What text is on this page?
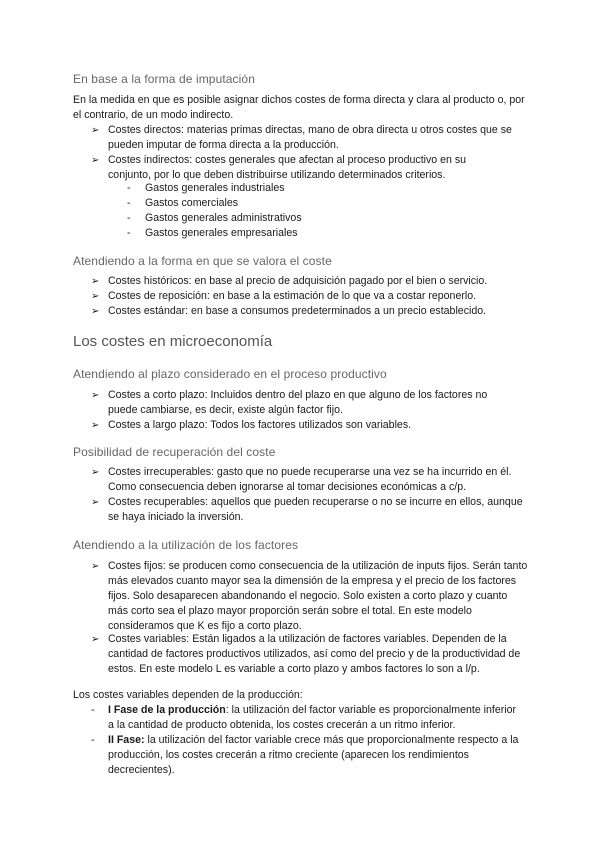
En base a la forma de imputación

En la medida en que es posible asignar dichos costes de forma directa y clara al producto o, por el contrario, de un modo indirecto.

➢ Costes directos: materias primas directas, mano de obra directa u otros costes que se pueden imputar de forma directa a la producción.

➢ Costes indirectos: costes generales que afectan al proceso productivo en su conjunto, por lo que deben distribuirse utilizando determinados criterios.

- Gastos generales industriales

- Gastos comerciales

- Gastos generales administrativos

- Gastos generales empresariales

Atendiendo a la forma en que se valora el coste
➢ Costes históricos: en base al precio de adquisición pagado por el bien o servicio.

➢ Costes de reposición: en base a la estimación de lo que va a costar reponerlo.

➢ Costes estándar: en base a consumos predeterminados a un precio establecido.

Los costes en microeconomía
Atendiendo al plazo considerado en el proceso productivo
➢ Costes a corto plazo: Incluidos dentro del plazo en que alguno de los factores no puede cambiarse, es decir, existe algún factor fijo.

➢ Costes a largo plazo: Todos los factores utilizados son variables.

Posibilidad de recuperación del coste
➢ Costes irrecuperables: gasto que no puede recuperarse una vez se ha incurrido en él. Como consecuencia deben ignorarse al tomar decisiones económicas a c/p.

➢ Costes recuperables: aquellos que pueden recuperarse o no se incurre en ellos, aunque se haya iniciado la inversión.

Atendiendo a la utilización de los factores
➢ Costes fijos: se producen como consecuencia de la utilización de inputs fijos. Serán tanto más elevados cuanto mayor sea la dimensión de la empresa y el precio de los factores fijos. Solo desaparecen abandonando el negocio. Solo existen a corto plazo y cuanto más corto sea el plazo mayor proporción serán sobre el total. En este modelo consideramos que K es fijo a corto plazo.

➢ Costes variables: Están ligados a la utilización de factores variables. Dependen de la cantidad de factores productivos utilizados, así como del precio y de la productividad de estos. En este modelo L es variable a corto plazo y ambos factores lo son a l/p.

Los costes variables dependen de la producción:

- I Fase de la producción: la utilización del factor variable es proporcionalmente inferior a la cantidad de producto obtenida, los costes crecerán a un ritmo inferior.

- II Fase: la utilización del factor variable crece más que proporcionalmente respecto a la producción, los costes crecerán a ritmo creciente (aparecen los rendimientos decrecientes).
